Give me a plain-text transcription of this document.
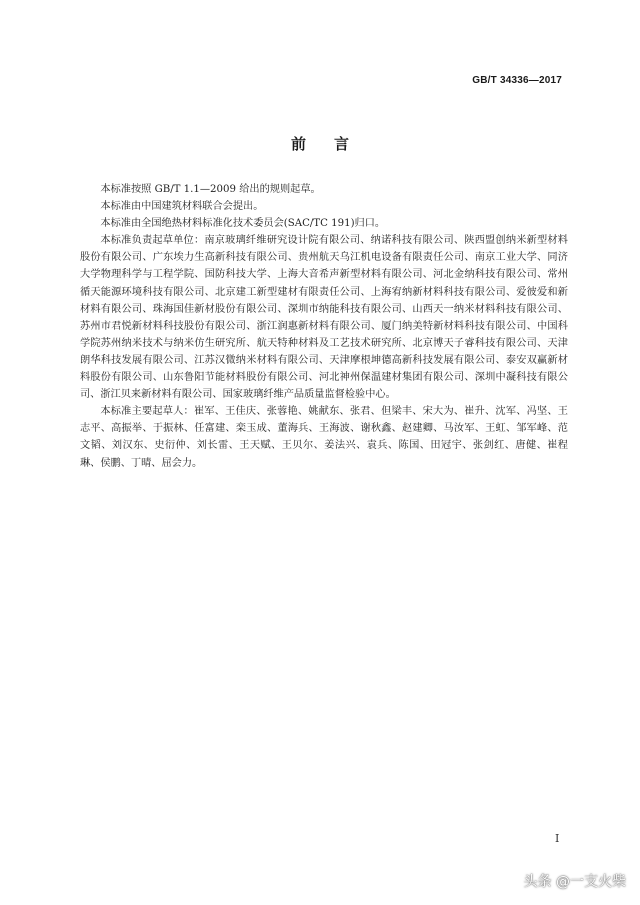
GB/T 34336—2017
前言

本标准按照 GB/T 1.1—2009 给出的规则起草。

本标准由中国建筑材料联合会提出。

本标准由全国绝热材料标准化技术委员会(SAC/TC 191)归口。

本标准负责起草单位：南京玻璃纤维研究设计院有限公司、纳诺科技有限公司、陕西盟创纳米新型材料股份有限公司、广东埃力生高新科技有限公司、贵州航天乌江机电设备有限责任公司、南京工业大学、同济大学物理科学与工程学院、国防科技大学、上海大音希声新型材料有限公司、河北金纳科技有限公司、常州循天能源环境科技有限公司、北京建工新型建材有限责任公司、上海宥纳新材料科技有限公司、爱彼爱和新材料有限公司、珠海国佳新材股份有限公司、深圳市纳能科技有限公司、山西天一纳米材料科技有限公司、苏州市君悦新材料科技股份有限公司、浙江润惠新材料有限公司、厦门纳美特新材料科技有限公司、中国科学院苏州纳米技术与纳米仿生研究所、航天特种材料及工艺技术研究所、北京博天子睿科技有限公司、天津朗华科技发展有限公司、江苏汉微纳米材料有限公司、天津摩根坤德高新科技发展有限公司、泰安双赢新材料股份有限公司、山东鲁阳节能材料股份有限公司、河北神州保温建材集团有限公司、深圳中凝科技有限公司、浙江贝来新材料有限公司、国家玻璃纤维产品质量监督检验中心。

本标准主要起草人：崔军、王佳庆、张蓉艳、姚献东、张君、但梁丰、宋大为、崔升、沈军、冯坚、王志平、高振举、于振林、任富建、栾玉成、董海兵、王海波、谢秋鑫、赵建卿、马汝军、王虹、邹军峰、范文韬、刘汉东、史衍仲、刘长雷、王天赋、王贝尔、姜法兴、袁兵、陈国、田冠宇、张剑红、唐健、崔程琳、侯鹏、丁晴、屈会力。

I
头条 @一支火柴
